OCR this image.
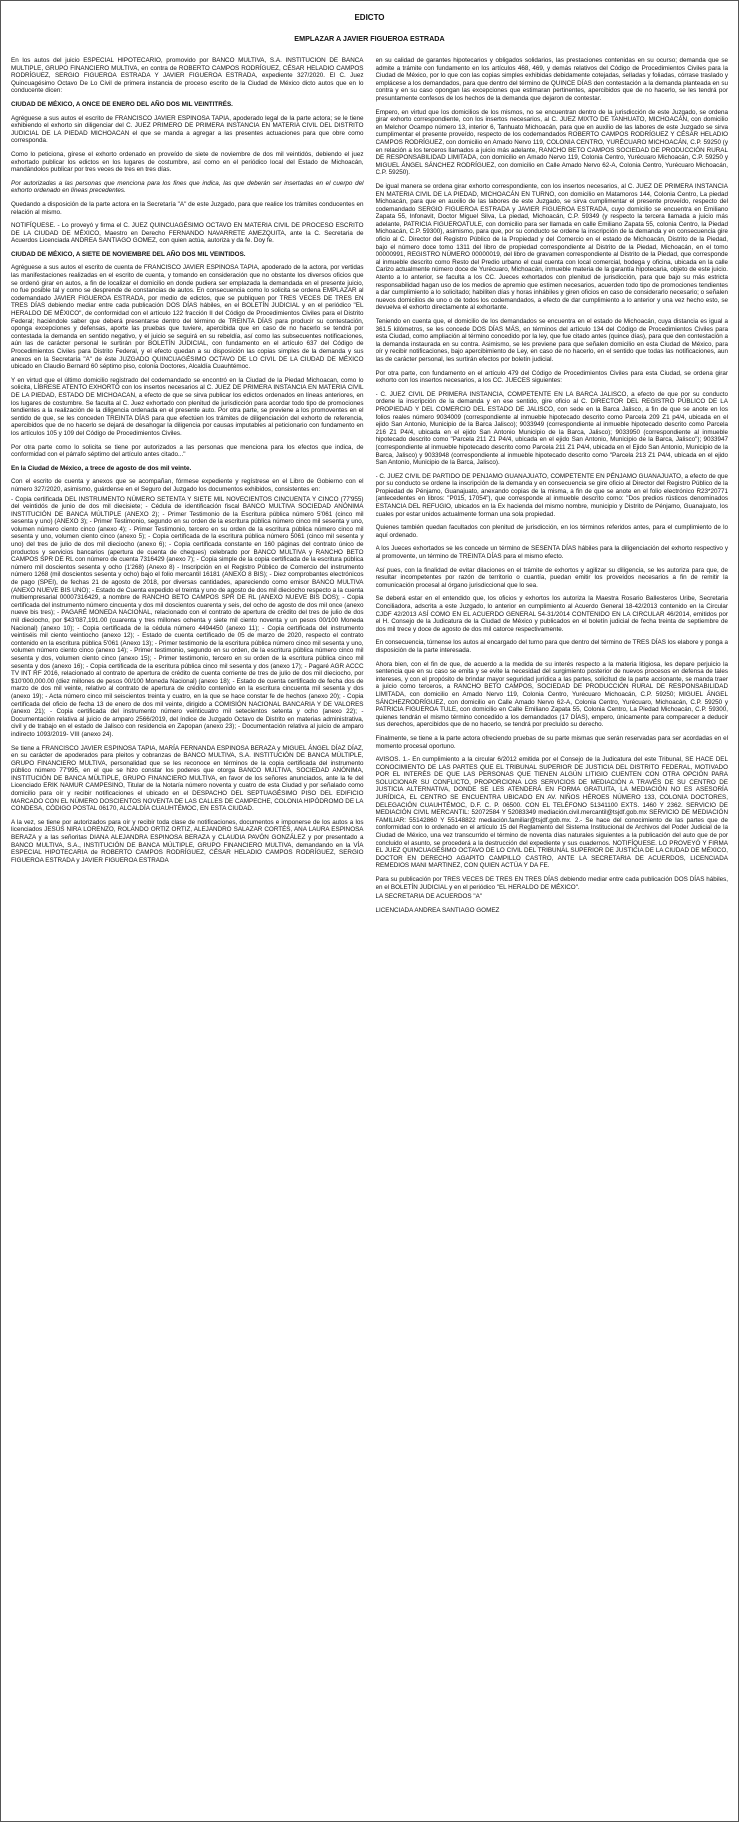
EDICTO
EMPLAZAR A JAVIER FIGUEROA ESTRADA

En los autos del juicio ESPECIAL HIPOTECARIO, promovido por BANCO MULTIVA, S.A. INSTITUCIÓN DE BANCA MULTIPLE, GRUPO FINANCIERO MULTIVA, en contra de ROBERTO CAMPOS RODRÍGUEZ, CÉSAR HELADIO CAMPOS RODRÍGUEZ, SERGIO FIGUEROA ESTRADA Y JAVIER FIGUEROA ESTRADA, expediente 327/2020. El C. Juez Quincuagésimo Octavo De Lo Civil de primera instancia de proceso escrito de la Ciudad de México dicto autos que en lo conducente dicen:

CIUDAD DE MÉXICO, A ONCE DE ENERO DEL AÑO DOS MIL VEINTITRÉS.

Agréguese a sus autos el escrito de FRANCISCO JAVIER ESPINOSA TAPIA, apoderado legal de la parte actora; se le tiene exhibiendo el exhorto sin diligenciar del C. JUEZ PRIMERO DE PRIMERA INSTANCIA EN MATERIA CIVIL DEL DISTRITO JUDICIAL DE LA PIEDAD MICHOACAN el que se manda a agregar a las presentes actuaciones para que obre como corresponda.

Como lo peticiona, gírese el exhorto ordenado en proveído de siete de noviembre de dos mil veintidós, debiendo el juez exhortado publicar los edictos en los lugares de costumbre, así como en el periódico local del Estado de Michoacán, mandándolos publicar por tres veces de tres en tres días.

Por autorizadas a las personas que menciona para los fines que indica, las que deberán ser insertadas en el cuerpo del exhorto ordenado en líneas precedentes.

Quedando a disposición de la parte actora en la Secretaría "A" de este Juzgado, para que realice los trámites conducentes en relación al mismo.

NOTIFÍQUESE. - Lo proveyó y firma el C. JUEZ QUINCUAGÉSIMO OCTAVO EN MATERIA CIVIL DE PROCESO ESCRITO DE LA CIUDAD DE MÉXICO, Maestro en Derecho FERNANDO NAVARRETE AMEZQUITA, ante la C. Secretaria de Acuerdos Licenciada ANDREA SANTIAGO GOMEZ, con quien actúa, autoriza y da fe. Doy fe.

CIUDAD DE MÉXICO, A SIETE DE NOVIEMBRE DEL AÑO DOS MIL VEINTIDOS.

Agréguese a sus autos el escrito de cuenta de FRANCISCO JAVIER ESPINOSA TAPIA, apoderado de la actora, por vertidas las manifestaciones realizadas en el escrito de cuenta, y tomando en consideración que no obstante los diversos oficios que se ordenó girar en autos, a fin de localizar el domicilio en donde pudiera ser emplazada la demandada en el presente juicio, no fue posible tal y como se desprende de constancias de autos. En consecuencia como lo solicita se ordena EMPLAZAR al codemandado JAVIER FIGUEROA ESTRADA, por medio de edictos, que se publiquen por TRES VECES DE TRES EN TRES DÍAS debiendo mediar entre cada publicación DOS DÍAS hábiles, en el BOLETÍN JUDICIAL y en el periódico "EL HERALDO DE MÉXICO", de conformidad con el artículo 122 fracción II del Código de Procedimientos Civiles para el Distrito Federal; haciéndole saber que deberá presentarse dentro del término de TREINTA DÍAS para producir su contestación, oponga excepciones y defensas, aporte las pruebas que tuviere, apercibida que en caso de no hacerlo se tendrá por contestada la demanda en sentido negativo, y el juicio se seguirá en su rebeldía, así como las subsecuentes notificaciones, aún las de carácter personal le surtirán por BOLETÍN JUDICIAL, con fundamento en el artículo 637 del Código de Procedimientos Civiles para Distrito Federal, y el efecto quedan a su disposición las copias simples de la demanda y sus anexos en la Secretaría "A" de éste JUZGADO QUINCUAGÉSIMO OCTAVO DE LO CIVIL DE LA CIUDAD DE MÉXICO ubicado en Claudio Bernard 60 séptimo piso, colonia Doctores, Alcaldía Cuauhtémoc.

Y en virtud que el último domicilio registrado del codemandado se encontró en la Ciudad de la Piedad Michoacan, como lo solicita, LÍBRESE ATENTO EXHORTO con los insertos necesarios al C. JUEZ DE PRIMERA INSTANCIA EN MATERIA CIVIL DE LA PIEDAD, ESTADO DE MICHOACAN, a efecto de que se sirva publicar los edictos ordenados en líneas anteriores, en los lugares de costumbre. Se faculta al C. Juez exhortado con plenitud de jurisdicción para acordar todo tipo de promociones tendientes a la realización de la diligencia ordenada en el presente auto. Por otra parte, se previene a los promoventes en el sentido de que, se les conceden TREINTA DÍAS para que efectúen los trámites de diligenciación del exhorto de referencia, apercibidos que de no hacerlo se dejará de desahogar la diligencia por causas imputables al peticionario con fundamento en los artículos 105 y 109 del Código de Procedimientos Civiles.

Por otra parte como lo solicita se tiene por autorizados a las personas que menciona para los efectos que indica, de conformidad con el párrafo séptimo del artículo antes citado..."

En la Ciudad de México, a trece de agosto de dos mil veinte.

Con el escrito de cuenta y anexos que se acompañan, fórmese expediente y regístrese en el Libro de Gobierno con el número 327/2020, asimismo, guárdense en el Seguro del Juzgado los documentos exhibidos, consistentes en:

- Copia certificada DEL INSTRUMENTO NÚMERO SETENTA Y SIETE MIL NOVECIENTOS CINCUENTA Y CINCO (77'955) del veintidós de junio de dos mil diecisiete; - Cédula de identificación fiscal BANCO MULTIVA SOCIEDAD ANÓNIMA INSTITUCIÓN DE BANCA MÚLTIPLE (ANEXO 2); - Primer Testimonio de la Escritura pública número 5'061 (cinco mil sesenta y uno) (ANEXO 3); - Primer Testimonio, segundo en su orden de la escritura pública número cinco mil sesenta y uno, volumen número ciento cinco (anexo 4); - Primer Testimonio, tercero en su orden de la escritura pública número cinco mil sesenta y uno, volumen ciento cinco (anexo 5); - Copia certificada de la escritura pública número 5061 (cinco mil sesenta y uno) del tres de julio de dos mil dieciocho (anexo 6); - Copia certificada constante en 160 páginas del contrato único de productos y servicios bancarios (apertura de cuenta de cheques) celebrado por BANCO MULTIVA y RANCHO BETO CAMPOS SPR DE RL con número de cuenta 7316429 (anexo 7); - Copia simple de la copia certificada de la escritura pública número mil doscientos sesenta y ocho (1'268) (Anexo 8) - Inscripción en el Registro Público de Comercio del instrumento número 1268 (mil doscientos sesenta y ocho) bajo el folio mercantil 16181 (ANEXO 8 BIS); - Diez comprobantes electrónicos de pago (SPEI), de fechas 21 de agosto de 2018, por diversas cantidades, apareciendo como emisor BANCO MULTIVA (ANEXO NUEVE BIS UNO); - Estado de Cuenta expedido el treinta y uno de agosto de dos mil dieciocho respecto a la cuenta multiempresarial 00007316429, a nombre de RANCHO BETO CAMPOS SPR DE RL (ANEXO NUEVE BIS DOS); - Copia certificada del instrumento número cincuenta y dos mil doscientos cuarenta y seis, del ocho de agosto de dos mil once (anexo nueve bis tres); - PAGARÉ MONEDA NACIONAL, relacionado con el contrato de apertura de crédito del tres de julio de dos mil dieciocho, por $43'087,191.00 (cuarenta y tres millones ochenta y siete mil ciento noventa y un pesos 00/100 Moneda Nacional) (anexo 10); - Copia certificada de la cédula número 4494450 (anexo 11); - Copia certificada del instrumento veintiséis mil ciento veintiocho (anexo 12); - Estado de cuenta certificado de 05 de marzo de 2020, respecto el contrato contenido en la escritura pública 5'061 (Anexo 13); - Primer testimonio de la escritura pública número cinco mil sesenta y uno, volumen número ciento cinco (anexo 14); - Primer testimonio, segundo en su orden, de la escritura pública número cinco mil sesenta y dos, volumen ciento cinco (anexo 15); - Primer testimonio, tercero en su orden de la escritura pública cinco mil sesenta y dos (anexo 16); - Copia certificada de la escritura pública cinco mil sesenta y dos (anexo 17); - Pagaré AGR ACCC TV INT RF 2016, relacionado al contrato de apertura de crédito de cuenta corriente de tres de julio de dos mil dieciocho, por $10'000,000.00 (diez millones de pesos 00/100 Moneda Nacional) (anexo 18); - Estado de cuenta certificado de fecha dos de marzo de dos mil veinte, relativo al contrato de apertura de crédito contenido en la escritura cincuenta mil sesenta y dos (anexo 19); - Acta número cinco mil seiscientos treinta y cuatro, en la que se hace constar fe de hechos (anexo 20); - Copia certificada del oficio de fecha 13 de enero de dos mil veinte, dirigido a COMISIÓN NACIONAL BANCARIA Y DE VALORES (anexo 21); - Copia certificada del instrumento número veinticuatro mil setecientos setenta y ocho (anexo 22); - Documentación relativa al juicio de amparo 2566/2019, del índice de Juzgado Octavo de Distrito en materias administrativa, civil y de trabajo en el estado de Jalisco con residencia en Zapopan (anexo 23); - Documentación relativa al juicio de amparo indirecto 1093/2019- VIII (anexo 24).

Se tiene a FRANCISCO JAVIER ESPINOSA TAPIA, MARÍA FERNANDA ESPINOSA BERAZA y MIGUEL ÁNGEL DÍAZ DÍAZ, en su carácter de apoderados para pleitos y cobranzas de BANCO MULTIVA, S.A. INSTITUCIÓN DE BANCA MÚLTIPLE, GRUPO FINANCIERO MULTIVA, personalidad que se les reconoce en términos de la copia certificada del instrumento público número 77'995, en el que se hizo constar los poderes que otorga BANCO MULTIVA, SOCIEDAD ANÓNIMA, INSTITUCIÓN DE BANCA MÚLTIPLE, GRUPO FINANCIERO MULTIVA, en favor de los señores anunciados, ante la fe del Licenciado ERIK NAMUR CAMPESINO, Titular de la Notaría número noventa y cuatro de esta Ciudad y por señalado como domicilio para oír y recibir notificaciones el ubicado en el DESPACHO DEL SEPTUAGÉSIMO PISO DEL EDIFICIO MARCADO CON EL NÚMERO DOSCIENTOS NOVENTA DE LAS CALLES DE CAMPECHE, COLONIA HIPÓDROMO DE LA CONDESA, CÓDIGO POSTAL 06170, ALCALDÍA CUAUHTÉMOC, EN ESTA CIUDAD.

A la vez, se tiene por autorizados para oír y recibir toda clase de notificaciones, documentos e imponerse de los autos a los licenciados JESÚS NIRA LORENZO, ROLANDO ORTIZ ORTIZ, ALEJANDRO SALAZAR CORTÉS, ANA LAURA ESPINOSA BERAZA y a las señoritas DIANA ALEJANDRA ESPINOSA BERAZA y CLAUDIA PAVÓN GONZÁLEZ y por presentado a BANCO MULTIVA, S.A., INSTITUCIÓN DE BANCA MÚLTIPLE, GRUPO FINANCIERO MULTIVA, demandando en la VÍA ESPECIAL HIPOTECARIA de ROBERTO CAMPOS RODRÍGUEZ, CÉSAR HELADIO CAMPOS RODRÍGUEZ, SERGIO FIGUEROA ESTRADA y JAVIER FIGUEROA ESTRADA

en su calidad de garantes hipotecarios y obligados solidarios, las prestaciones contenidas en su ocurso; demanda que se admite a trámite con fundamento en los artículos 468, 469, y demás relativos del Código de Procedimientos Civiles para la Ciudad de México, por lo que con las copias simples exhibidas debidamente cotejadas, selladas y foliadas, córrase traslado y emplácese a los demandados, para que dentro del término de QUINCE DÍAS den contestación a la demanda planteada en su contra y en su caso opongan las excepciones que estimaran pertinentes, apercibidos que de no hacerlo, se les tendrá por presuntamente confesos de los hechos de la demanda que dejaron de contestar.

Empero, en virtud que los domicilios de los mismos, no se encuentran dentro de la jurisdicción de este Juzgado, se ordena girar exhorto correspondiente, con los insertos necesarios, al C. JUEZ MIXTO DE TANHUATO, MICHOACÁN, con domicilio en Melchor Ocampo número 13, interior 6, Tanhuato Michoacán, para que en auxilio de las labores de este Juzgado se sirva cumplimentar el presente proveído, respecto de los codemandados ROBERTO CAMPOS RODRÍGUEZ Y CÉSAR HELADIO CAMPOS RODRÍGUEZ, con domicilio en Amado Nervo 119, COLONIA CENTRO, YURÉCUARO MICHOACÁN, C.P. 59250 (y en relación a los terceros llamados a juicio más adelante, RANCHO BETO CAMPOS SOCIEDAD DE PRODUCCIÓN RURAL DE RESPONSABILIDAD LIMITADA, con domicilio en Amado Nervo 119, Colonia Centro, Yurécuaro Michoacán, C.P. 59250 y MIGUEL ÁNGEL SÁNCHEZ RODRÍGUEZ, con domicilio en Calle Amado Nervo 62-A, Colonia Centro, Yurécuaro Michoacán, C.P. 59250).

De igual manera se ordena girar exhorto correspondiente, con los insertos necesarios, al C. JUEZ DE PRIMERA INSTANCIA EN MATERIA CIVIL DE LA PIEDAD, MICHOACÁN EN TURNO, con domicilio en Matamoros 144, Colonia Centro, La piedad Michoacán, para que en auxilio de las labores de este Juzgado, se sirva cumplimentar el presente proveído, respecto del codemandado SERGIO FIGUEROA ESTRADA y JAVIER FIGUEROA ESTRADA, cuyo domicilio se encuentra en Emiliano Zapata 55, Infonavit, Doctor Miguel Silva, La piedad, Michoacán, C.P. 59349 (y respecto la tercera llamada a juicio más adelante, PATRICIA FIGUEROATULE, con domicilio para ser llamada en calle Emiliano Zapata 55, colonia Centro, la Piedad Michoacán, C.P. 59300), asimismo, para que, por su conducto se ordene la inscripción de la demanda y en consecuencia gire oficio al C. Director del Registro Público de la Propiedad y del Comercio en el estado de Michoacán, Distrito de la Piedad, bajo el número doce tomo 1311 del libro de propiedad correspondiente al Distrito de la Piedad, Michoacán, en el tomo 00000991, REGISTRO NÚMERO 00000019, del libro de gravamen correspondiente al Distrito de la Piedad, que corresponde al inmueble descrito como Resto del Predio urbano el cual cuenta con local comercial, bodega y oficina, ubicada en la calle Carizo actualmente número doce de Yurécuaro, Michoacán, inmueble materia de la garantía hipotecaria, objeto de este juicio. Atento a lo anterior, se faculta a los CC. Jueces exhortados con plenitud de jurisdicción, para que bajo su más estricta responsabilidad hagan uso de los medios de apremio que estimen necesarios, acuerden todo tipo de promociones tendientes a dar cumplimiento a lo solicitado; habiliten días y horas inhábiles y giren oficios en caso de considerarlo necesario; o señalen nuevos domicilios de uno o de todos los codemandados, a efecto de dar cumplimiento a lo anterior y una vez hecho esto, se devuelva el exhorto directamente al exhortante.

Teniendo en cuenta que, el domicilio de los demandados se encuentra en el estado de Michoacán, cuya distancia es igual a 361.5 kilómetros, se les concede DOS DÍAS MÁS, en términos del artículo 134 del Código de Procedimientos Civiles para esta Ciudad, como ampliación al término concedido por la ley, que fue citado antes (quince días), para que den contestación a la demanda instaurada en su contra. Asimismo, se les previene para que señalen domicilio en esta Ciudad de México, para oír y recibir notificaciones, bajo apercibimiento de Ley, en caso de no hacerlo, en el sentido que todas las notificaciones, aun las de carácter personal, les surtirán efectos por boletín judicial.

Por otra parte, con fundamento en el artículo 479 del Código de Procedimientos Civiles para esta Ciudad, se ordena girar exhorto con los insertos necesarios, a los CC. JUECES siguientes:

- C. JUEZ CIVIL DE PRIMERA INSTANCIA, COMPETENTE EN LA BARCA JALISCO, a efecto de que por su conducto ordene la inscripción de la demanda y en ese sentido, gire oficio al C. DIRECTOR DEL REGISTRO PÚBLICO DE LA PROPIEDAD Y DEL COMERCIO DEL ESTADO DE JALISCO, con sede en la Barca Jalisco, a fin de que se anote en los folios reales número 9034009 (correspondiente al inmueble hipotecado descrito como Parcela 209 Z1 p4/4, ubicada en el ejido San Antonio, Municipio de la Barca Jalisco); 9033949 (correspondiente al inmueble hipotecado descrito como Parcela 216 Z1 P4/4, ubicada en el ejido San Antonio Municipio de la Barca, Jalisco); 9033950 (correspondiente al inmueble hipotecado descrito como "Parcela 211 Z1 P4/4, ubicada en el ejido San Antonio, Municipio de la Barca, Jalisco"); 9033947 (correspondiente al inmueble hipotecado descrito como Parcela 211 Z1 P4/4, ubicada en el Ejido San Antonio, Municipio de la Barca, Jalisco) y 9033948 (correspondiente al inmueble hipotecado descrito como "Parcela 213 Z1 P4/4, ubicada en el ejido San Antonio, Municipio de la Barca, Jalisco).

- C. JUEZ CIVIL DE PARTIDO DE PENJAMO GUANAJUATO, COMPETENTE EN PÉNJAMO GUANAJUATO, a efecto de que por su conducto se ordene la inscripción de la demanda y en consecuencia se gire oficio al Director del Registro Público de la Propiedad de Pénjamo, Guanajuato, anexando copias de la misma, a fin de que se anote en el folio electrónico R23*20771 (antecedentes en libros: "P015, 17054"), que corresponde al inmueble descrito como: "Dos predios rústicos denominados ESTANCIA DEL REFUGIO, ubicados en la Ex hacienda del mismo nombre, municipio y Distrito de Pénjamo, Guanajuato, los cuales por estar unidos actualmente forman una sola propiedad.

Quienes también quedan facultados con plenitud de jurisdicción, en los términos referidos antes, para el cumplimiento de lo aquí ordenado.

A los Jueces exhortados se les concede un término de SESENTA DÍAS hábiles para la diligenciación del exhorto respectivo y al promovente, un término de TREINTA DÍAS para el mismo efecto.

Así pues, con la finalidad de evitar dilaciones en el trámite de exhortos y agilizar su diligencia, se les autoriza para que, de resultar incompetentes por razón de territorio o cuantía, puedan emitir los proveídos necesarios a fin de remitir la comunicación procesal al órgano jurisdiccional que lo sea.

Se deberá estar en el entendido que, los oficios y exhortos los autoriza la Maestra Rosario Ballesteros Uribe, Secretaria Conciliadora, adscrita a este Juzgado, lo anterior en cumplimiento al Acuerdo General 18-42/2013 contenido en la Circular CJDF 42/2013 ASÍ COMO EN EL ACUERDO GENERAL 54-31/2014 CONTENIDO EN LA CIRCULAR 46/2014, emitidos por el H. Consejo de la Judicatura de la Ciudad de México y publicados en el boletín judicial de fecha treinta de septiembre de dos mil trece y doce de agosto de dos mil catorce respectivamente.

En consecuencia, túrnense los autos al encargado del turno para que dentro del término de TRES DÍAS los elabore y ponga a disposición de la parte interesada.

Ahora bien, con el fin de que, de acuerdo a la medida de su interés respecto a la materia litigiosa, les depare perjuicio la sentencia que en su caso se emita y se evite la necesidad del surgimiento posterior de nuevos procesos en defensa de tales intereses, y con el propósito de brindar mayor seguridad jurídica a las partes, solicitud de la parte accionante, se manda traer a juicio como terceros, a RANCHO BETO CAMPOS, SOCIEDAD DE PRODUCCIÓN RURAL DE RESPONSABILIDAD LIMITADA, con domicilio en Amado Nervo 119, Colonia Centro, Yurécuaro Michoacán, C.P. 59250; MIGUEL ÁNGEL SÁNCHEZRODRÍGUEZ, con domicilio en Calle Amado Nervo 62-A, Colonia Centro, Yurécuaro, Michoacán, C.P. 59250 y PATRICIA FIGUEROA TULE, con domicilio en Calle Emiliano Zapata 55, Colonia Centro, La Piedad Michoacán, C.P. 59300, quienes tendrán el mismo término concedido a los demandados (17 DÍAS), empero, únicamente para comparecer a deducir sus derechos, apercibidos que de no hacerlo, se tendrá por precluido su derecho.

Finalmente, se tiene a la parte actora ofreciendo pruebas de su parte mismas que serán reservadas para ser acordadas en el momento procesal oportuno.

AVISOS. 1.- En cumplimiento a la circular 6/2012 emitida por el Consejo de la Judicatura del este Tribunal, SE HACE DEL CONOCIMIENTO DE LAS PARTES QUE EL TRIBUNAL SUPERIOR DE JUSTICIA DEL DISTRITO FEDERAL, MOTIVADO POR EL INTERÉS DE QUE LAS PERSONAS QUE TIENEN ALGÚN LITIGIO CUENTEN CON OTRA OPCIÓN PARA SOLUCIONAR SU CONFLICTO, PROPORCIONA LOS SERVICIOS DE MEDIACIÓN A TRAVÉS DE SU CENTRO DE JUSTICIA ALTERNATIVA, DONDE SE LES ATENDERÁ EN FORMA GRATUITA, LA MEDIACIÓN NO ES ASESORÍA JURÍDICA, EL CENTRO SE ENCUENTRA UBICADO EN AV. NIÑOS HÉROES NÚMERO 133, COLONIA DOCTORES, DELEGACIÓN CUAUHTÉMOC, D.F. C. P. 06500. CON EL TELÉFONO 51341100 EXTS. 1460 Y 2362. SERVICIO DE MEDIACIÓN CIVIL MERCANTIL: 52072584 Y 52083349 mediación.civil.mercantil@tsjdf.gob.mx SERVICIO DE MEDIACIÓN FAMILIAR: 55142860 Y 55148822 mediación.familiar@tsjdf.gob.mx. 2.- Se hace del conocimiento de las partes que de conformidad con lo ordenado en el artículo 15 del Reglamento del Sistema Institucional de Archivos del Poder Judicial de la Ciudad de México, una vez transcurrido el término de noventa días naturales siguientes a la publicación del auto que de por concluido el asunto, se procederá a la destrucción del expediente y sus cuadernos. NOTIFÍQUESE. LO PROVEYÓ Y FIRMA EL JUEZ QUINCUAGÉSIMO OCTAVO DE LO CIVIL DEL TRIBUNAL SUPERIOR DE JUSTICIA DE LA CIUDAD DE MÉXICO, DOCTOR EN DERECHO AGAPITO CAMPILLO CASTRO, ANTE LA SECRETARIA DE ACUERDOS, LICENCIADA REMEDIOS MANI MARTINEZ, CON QUIEN ACTÚA Y DA FE.

Para su publicación por TRES VECES DE TRES EN TRES DÍAS debiendo mediar entre cada publicación DOS DÍAS hábiles, en el BOLETÍN JUDICIAL y en el periódico "EL HERALDO DE MÉXICO".

LA SECRETARIA DE ACUERDOS "A"

LICENCIADA ANDREA SANTIAGO GOMEZ
